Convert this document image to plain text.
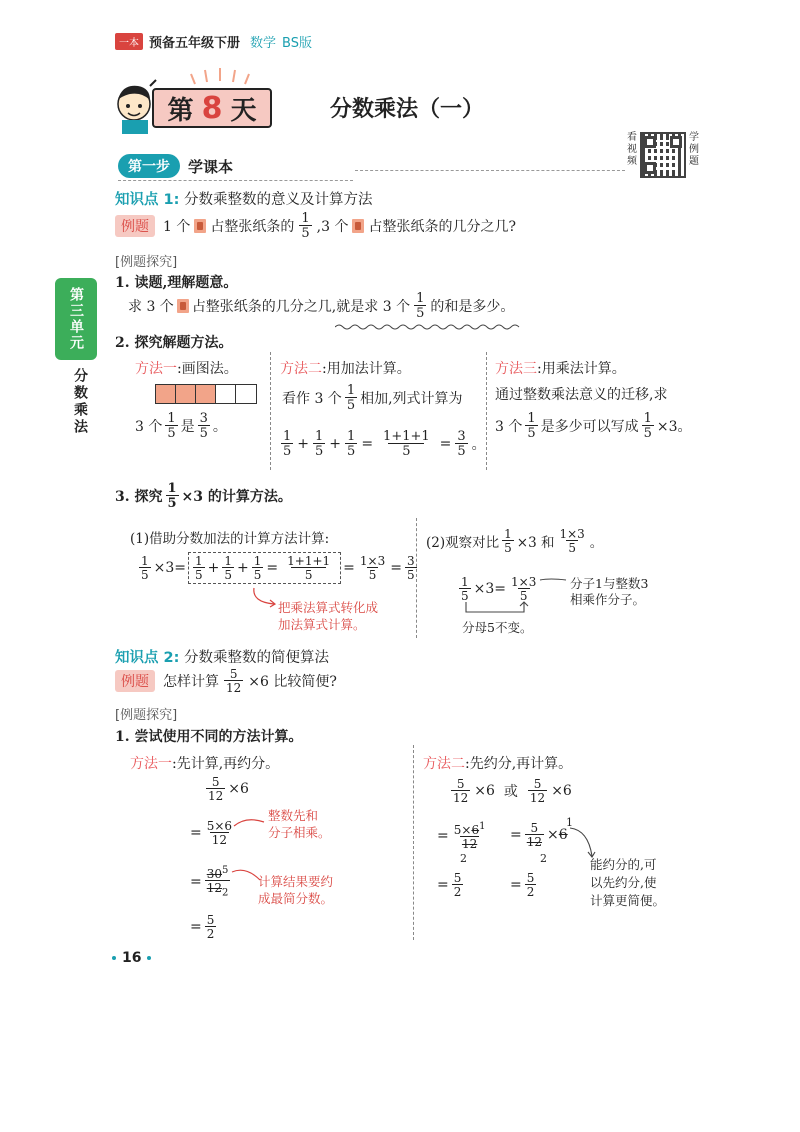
一本 预备五年级下册 数学 BS版
第 8 天	分数乘法（一）
看视频
学例题
第一步	学课本
第三单元
分数乘法
知识点 1: 分数乘整数的意义及计算方法
例题	1 个 占整张纸条的 $\frac{1}{5} ,3$ 个 占整张纸条的几分之几?
[例题探究]
1. 读题,理解题意。
求 3 个 占整张纸条的几分之几,就是求 3 个 $\frac{1}{5}$ 的和是多少。
2. 探究解题方法。
方法一:画图法。
3 个 $\frac{1}{5}$ 是 $\frac{3}{5}$ 。
方法二:用加法计算。
看作 3 个 $\frac{1}{5}$ 相加,列式计算为
$\frac{1}{5} + \frac{1}{5} + \frac{1}{5} = \frac{1+1+1}{5} = \frac{3}{5}$ 。
方法三:用乘法计算。
通过整数乘法意义的迁移,求
3 个 $\frac{1}{5}$ 是多少可以写成 $\frac{1}{5} \times 3$。
3. 探究 $\frac{1}{5} \times 3$ 的计算方法。
(1)借助分数加法的计算方法计算:
$\frac{1}{5} \times 3= \frac{1}{5} + \frac{1}{5} + \frac{1}{5} = \frac{1+1+1}{5} = \frac{1\times 3}{5} = \frac{3}{5}$
把乘法算式转化成
加法算式计算。
(2)观察对比 $\frac{1}{5} \times 3$ 和 $\frac{1\times 3}{5}$ 。
$\frac{1}{5} \times 3= \frac{1\times 3}{5}$	分子1与整数3
相乘作分子。
分母5不变。
知识点 2: 分数乘整数的简便算法
例题	怎样计算 $\frac{5}{12} \times 6$ 比较简便?
[例题探究]
1. 尝试使用不同的方法计算。
方法一:先计算,再约分。
$\frac{5}{12} \times 6$
= $\frac{5\times 6}{12}$
整数先和
分子相乘。
= $\frac{30^5}{12_2}$ 计算结果要约
成最简分数。
= $\frac{5}{2}$
方法二:先约分,再计算。
$\frac{5}{12} \times 6$ 或 $\frac{5}{12} \times 6$
= $\frac{5\times 6^1}{12}$
2
= $\frac{5}{12} \times 6$
1
2	能约分的,可
以先约分,使
计算更简便。
= $\frac{5}{2}$	= $\frac{5}{2}$
16
